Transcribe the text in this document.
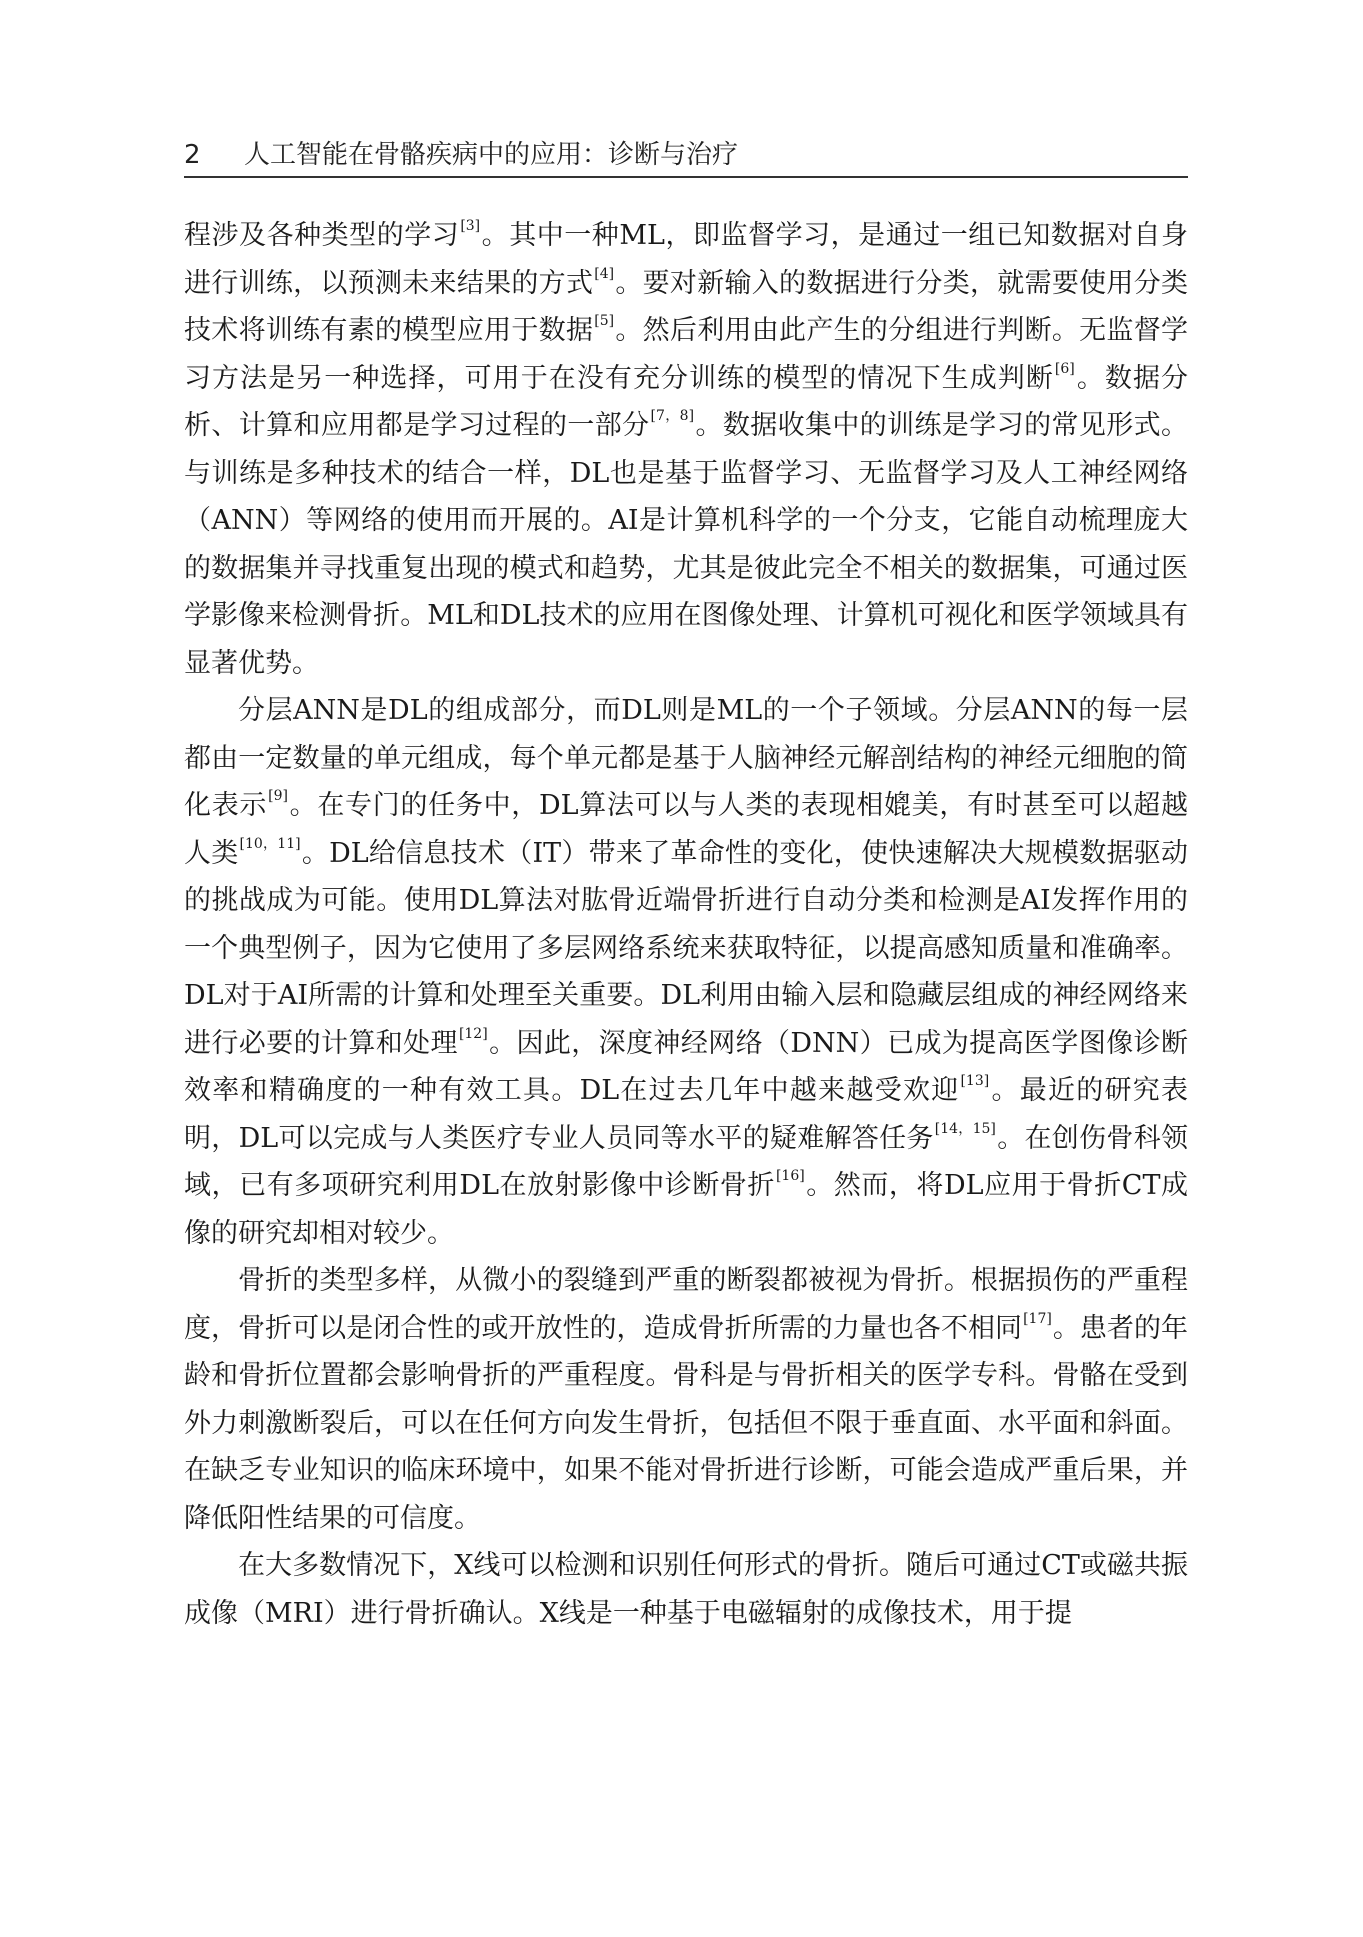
2	人工智能在骨骼疾病中的应用：诊断与治疗

程涉及各种类型的学习[3]。其中一种ML，即监督学习，是通过一组已知数据对自身进行训练，以预测未来结果的方式[4]。要对新输入的数据进行分类，就需要使用分类技术将训练有素的模型应用于数据[5]。然后利用由此产生的分组进行判断。无监督学习方法是另一种选择，可用于在没有充分训练的模型的情况下生成判断[6]。数据分析、计算和应用都是学习过程的一部分[7，8]。数据收集中的训练是学习的常见形式。与训练是多种技术的结合一样，DL也是基于监督学习、无监督学习及人工神经网络（ANN）等网络的使用而开展的。AI是计算机科学的一个分支，它能自动梳理庞大的数据集并寻找重复出现的模式和趋势，尤其是彼此完全不相关的数据集，可通过医学影像来检测骨折。ML和DL技术的应用在图像处理、计算机可视化和医学领域具有显著优势。

分层ANN是DL的组成部分，而DL则是ML的一个子领域。分层ANN的每一层都由一定数量的单元组成，每个单元都是基于人脑神经元解剖结构的神经元细胞的简化表示[9]。在专门的任务中，DL算法可以与人类的表现相媲美，有时甚至可以超越人类[10，11]。DL给信息技术（IT）带来了革命性的变化，使快速解决大规模数据驱动的挑战成为可能。使用DL算法对肱骨近端骨折进行自动分类和检测是AI发挥作用的一个典型例子，因为它使用了多层网络系统来获取特征，以提高感知质量和准确率。DL对于AI所需的计算和处理至关重要。DL利用由输入层和隐藏层组成的神经网络来进行必要的计算和处理[12]。因此，深度神经网络（DNN）已成为提高医学图像诊断效率和精确度的一种有效工具。DL在过去几年中越来越受欢迎[13]。最近的研究表明，DL可以完成与人类医疗专业人员同等水平的疑难解答任务[14，15]。在创伤骨科领域，已有多项研究利用DL在放射影像中诊断骨折[16]。然而，将DL应用于骨折CT成像的研究却相对较少。

骨折的类型多样，从微小的裂缝到严重的断裂都被视为骨折。根据损伤的严重程度，骨折可以是闭合性的或开放性的，造成骨折所需的力量也各不相同[17]。患者的年龄和骨折位置都会影响骨折的严重程度。骨科是与骨折相关的医学专科。骨骼在受到外力刺激断裂后，可以在任何方向发生骨折，包括但不限于垂直面、水平面和斜面。在缺乏专业知识的临床环境中，如果不能对骨折进行诊断，可能会造成严重后果，并降低阳性结果的可信度。

在大多数情况下，X线可以检测和识别任何形式的骨折。随后可通过CT或磁共振成像（MRI）进行骨折确认。X线是一种基于电磁辐射的成像技术，用于提
